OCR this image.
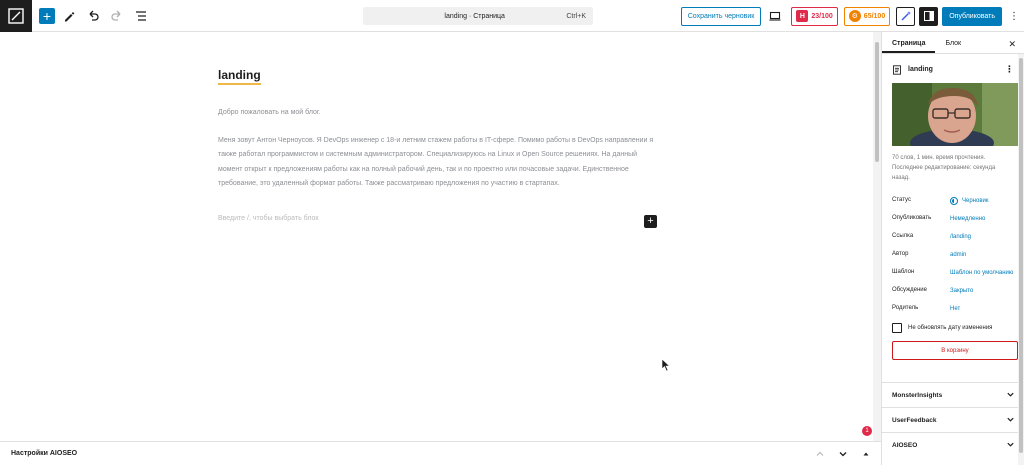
+	landing · Страница	Ctrl+K	Сохранить черновик	H 23/100	⚙ 65/100	Опубликовать	⋮
landing
Добро пожаловать на мой блог.
Меня зовут Антон Черноусов. Я DevOps инженер с 18-и летним стажем работы в IT-сфере. Помимо работы в DevOps направлении я также работал программистом и системным администратором. Специализируюсь на Linux и Open Source решениях. На данный момент открыт к предложениям работы как на полный рабочий день, так и по проектно или почасовые задачи. Единственное требование, это удаленный формат работы. Также рассматриваю предложения по участию в стартапах.
Введите /, чтобы выбрать блок	+
Настройки AIOSEO
1
Страница	Блок	✕
landing	⋮
70 слов, 1 мин. время прочтения.
Последнее редактирование: секунда назад.
Статус	Черновик
Опубликовать	Немедленно
Ссылка	/landing
Автор	admin
Шаблон	Шаблон по умолчанию
Обсуждение	Закрыто
Родитель	Нет
Не обновлять дату изменения
В корзину
MonsterInsights
UserFeedback
AIOSEO
